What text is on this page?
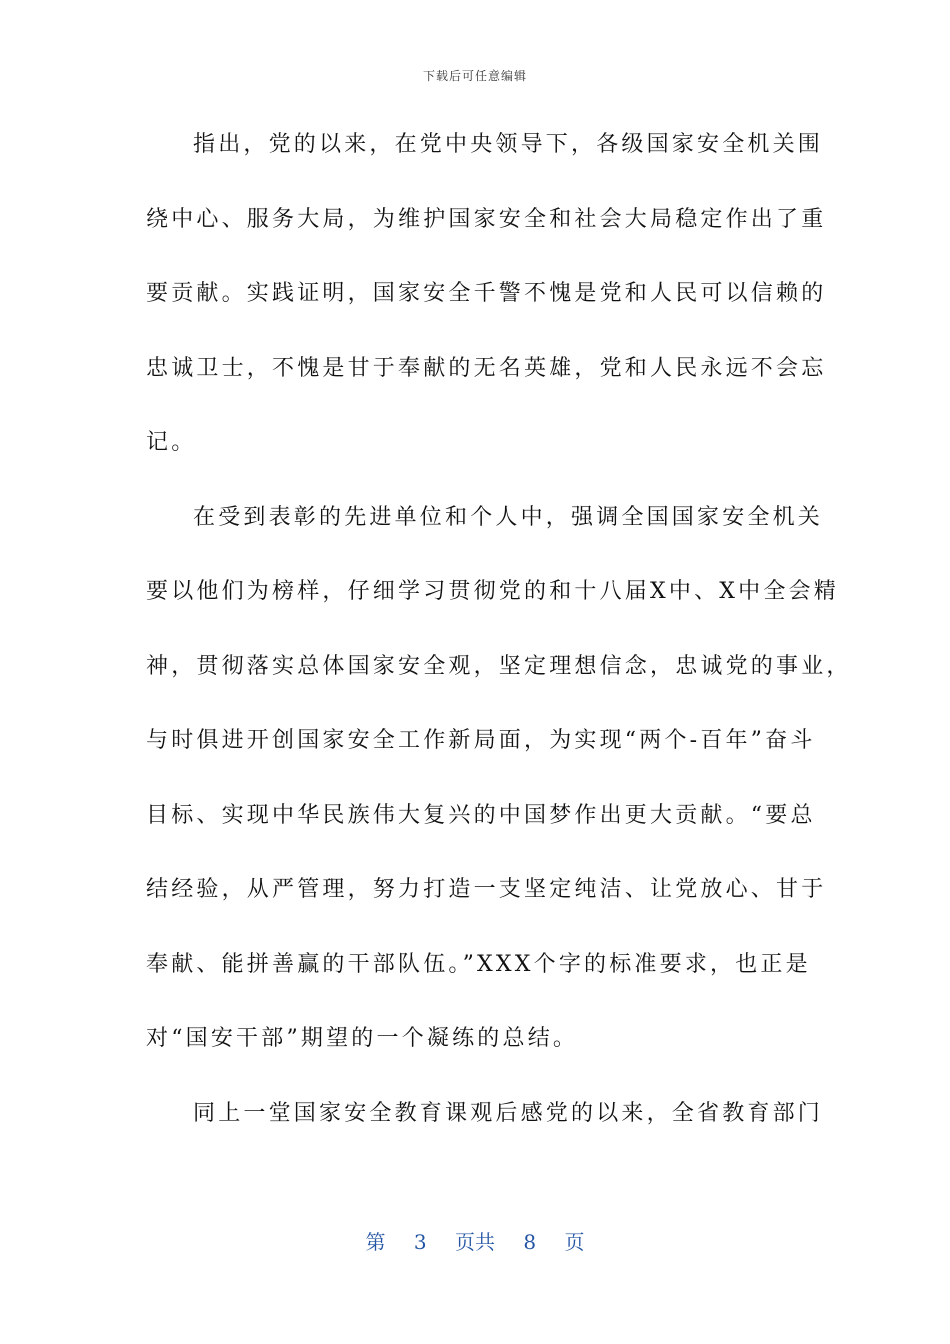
下载后可任意编辑
指出，党的以来，在党中央领导下，各级国家安全机关围
绕中心、服务大局，为维护国家安全和社会大局稳定作出了重
要贡献。实践证明，国家安全千警不愧是党和人民可以信赖的
忠诚卫士，不愧是甘于奉献的无名英雄，党和人民永远不会忘
记。
在受到表彰的先进单位和个人中，强调全国国家安全机关
要以他们为榜样，仔细学习贯彻党的和十八届X中、X中全会精
神，贯彻落实总体国家安全观，坚定理想信念，忠诚党的事业，
与时俱进开创国家安全工作新局面，为实现“两个-百年”奋斗
目标、实现中华民族伟大复兴的中国梦作出更大贡献。“要总
结经验，从严管理，努力打造一支坚定纯洁、让党放心、甘于
奉献、能拼善赢的干部队伍。”XXX个字的标准要求，也正是
对“国安干部”期望的一个凝练的总结。
同上一堂国家安全教育课观后感党的以来，全省教育部门
第 3 页共 8 页
